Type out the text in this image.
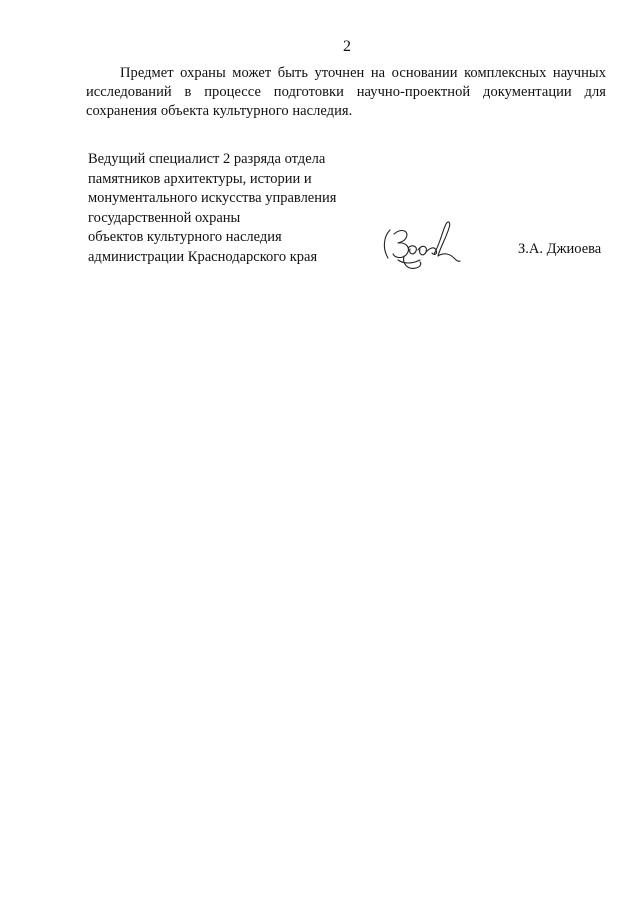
2
Предмет охраны может быть уточнен на основании комплексных научных исследований в процессе подготовки научно-проектной документации для сохранения объекта культурного наследия.
Ведущий специалист 2 разряда отдела
памятников архитектуры, истории и
монументального искусства управления
государственной охраны
объектов культурного наследия
администрации Краснодарского края	З.А. Джиоева
